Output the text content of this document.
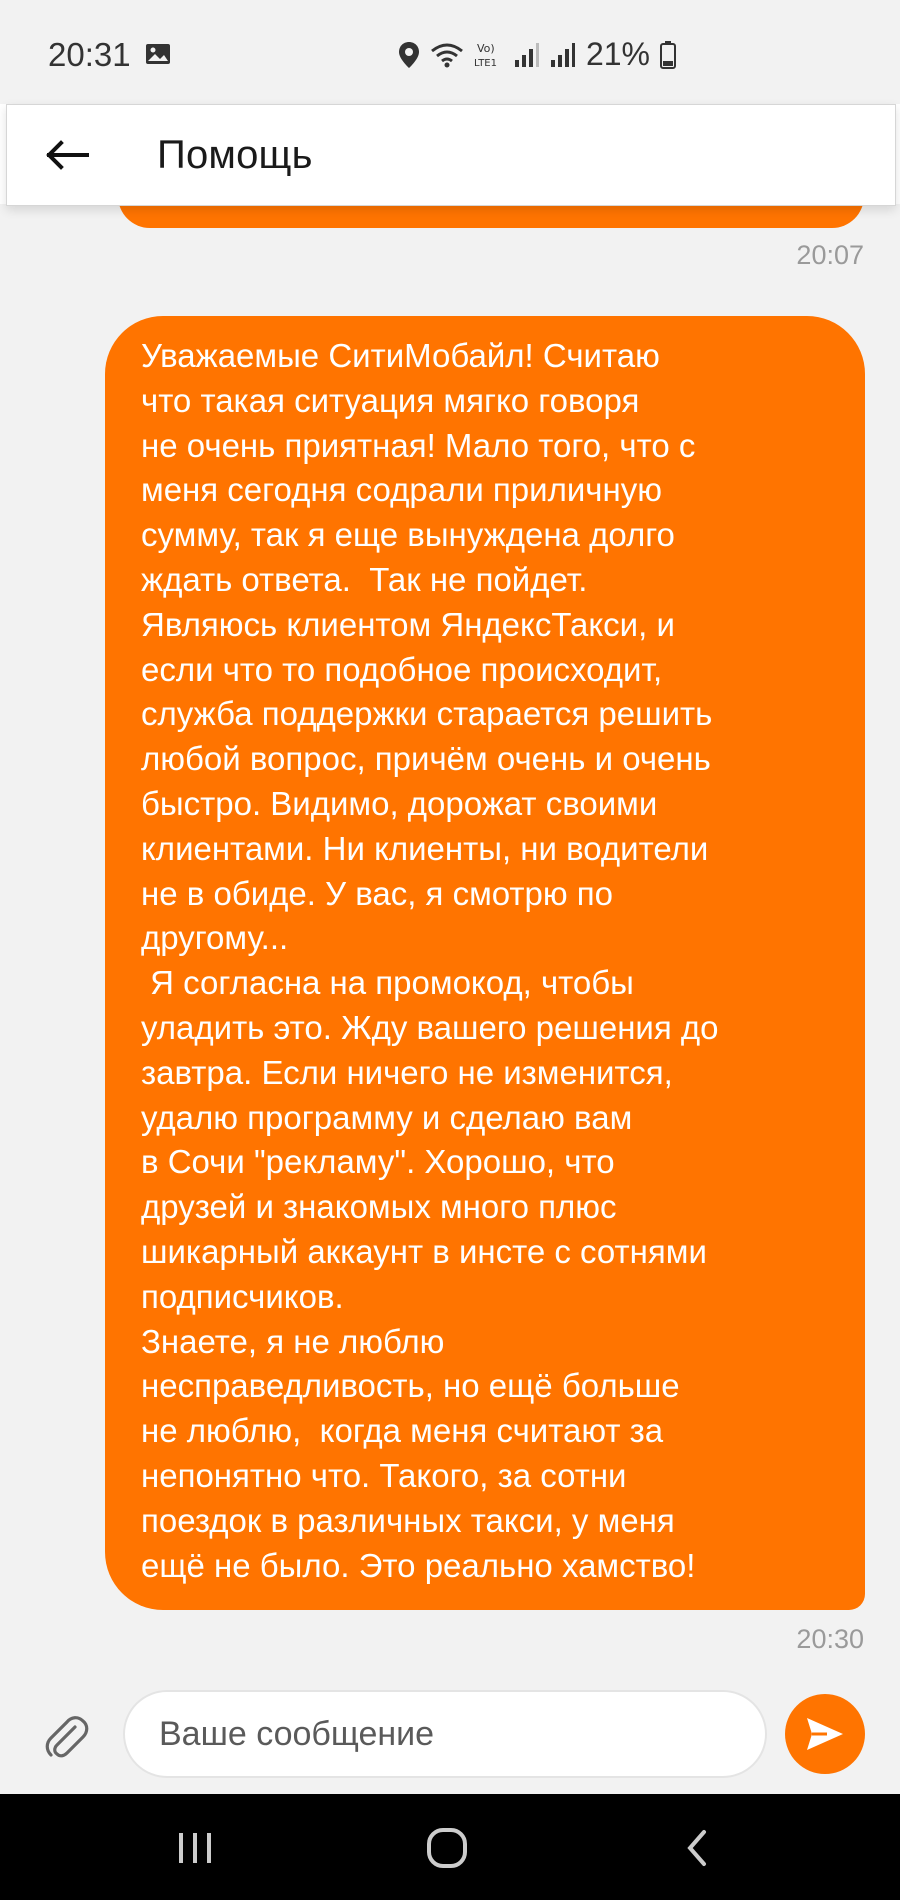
20:31	Vo)
LTE1	21%
Помощь
20:07
Уважаемые СитиМобайл! Считаю
что такая ситуация мягко говоря
не очень приятная! Мало того, что с
меня сегодня содрали приличную
сумму, так я еще вынуждена долго
ждать ответа.  Так не пойдет.
Являюсь клиентом ЯндексТакси, и
если что то подобное происходит,
служба поддержки старается решить
любой вопрос, причём очень и очень
быстро. Видимо, дорожат своими
клиентами. Ни клиенты, ни водители
не в обиде. У вас, я смотрю по
другому...
Я согласна на промокод, чтобы
уладить это. Жду вашего решения до
завтра. Если ничего не изменится,
удалю программу и сделаю вам
в Сочи "рекламу". Хорошо, что
друзей и знакомых много плюс
шикарный аккаунт в инсте с сотнями
подписчиков.
Знаете, я не люблю
несправедливость, но ещё больше
не люблю,  когда меня считают за
непонятно что. Такого, за сотни
поездок в различных такси, у меня
ещё не было. Это реально хамство!
20:30
Ваше сообщение
